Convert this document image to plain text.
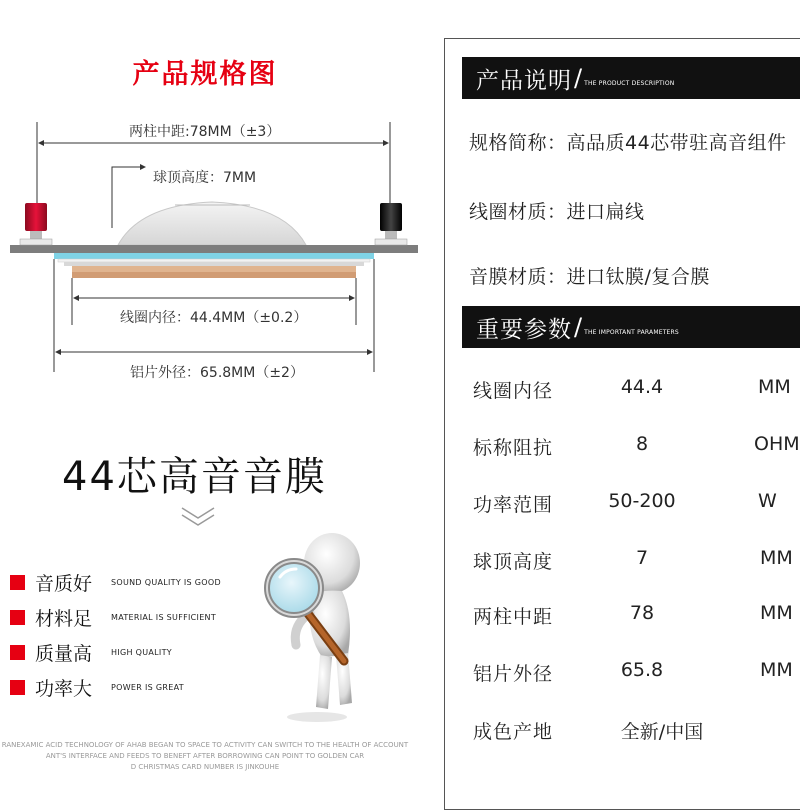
产品规格图
两柱中距:78MM（±3）
球顶高度：7MM
线圈内径：44.4MM（±0.2）
铝片外径：65.8MM（±2）
44芯高音音膜
音质好	SOUND QUALITY IS GOOD
材料足	MATERIAL IS SUFFICIENT
质量高	HIGH QUALITY
功率大	POWER IS GREAT
RANEXAMIC ACID TECHNOLOGY OF AHAB BEGAN TO SPACE TO ACTIVITY CAN SWITCH TO THE HEALTH OF ACCOUNT
ANT'S INTERFACE AND FEEDS TO BENEFT AFTER BORROWING CAN POINT TO GOLDEN CAR
D CHRISTMAS CARD NUMBER IS JINKOUHE
产品说明 / THE PRODUCT DESCRIPTION
规格简称：高品质44芯带驻高音组件
线圈材质：进口扁线
音膜材质：进口钛膜/复合膜
重要参数 / THE IMPORTANT PARAMETERS
线圈内径	44.4	MM
标称阻抗	8	OHM
功率范围	50-200	W
球顶高度	7	MM
两柱中距	78	MM
铝片外径	65.8	MM
成色产地	全新/中国
